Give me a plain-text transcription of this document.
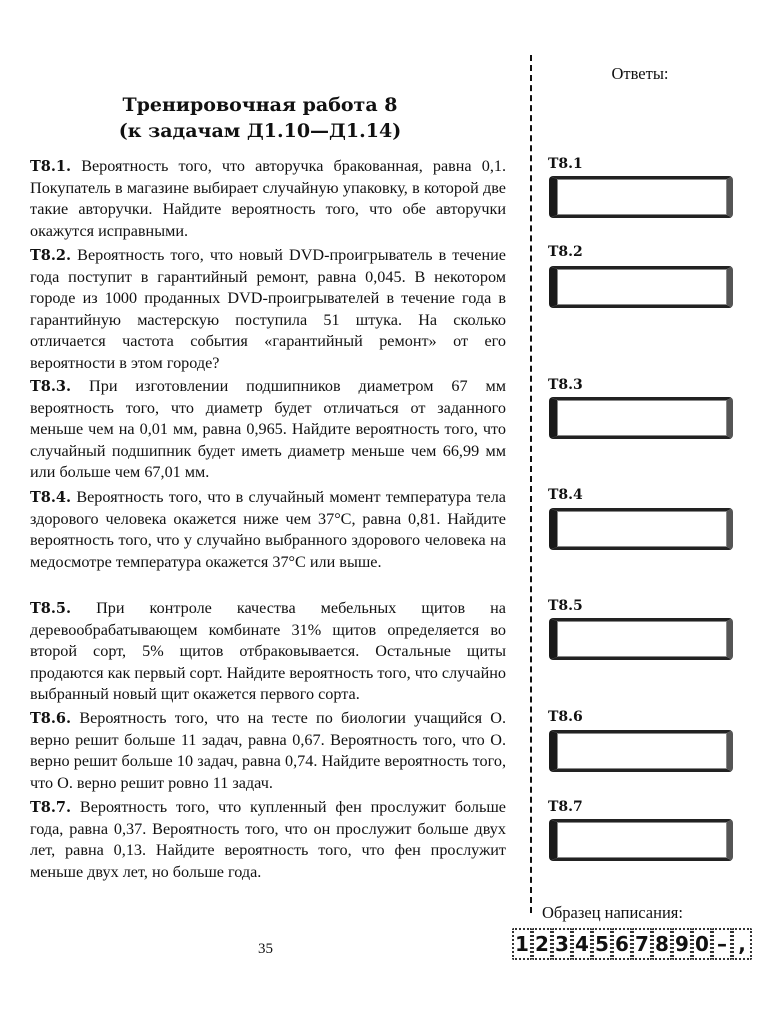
Тренировочная работа 8
(к задачам Д1.10—Д1.14)
T8.1. Вероятность того, что авторучка бракованная, равна 0,1. Покупатель в магазине выбирает случайную упаковку, в которой две такие авторучки. Найдите вероятность того, что обе авторучки окажутся исправными.
T8.2. Вероятность того, что новый DVD-проигрыватель в течение года поступит в гарантийный ремонт, равна 0,045. В некотором городе из 1000 проданных DVD-проигрывателей в течение года в гарантийную мастерскую поступила 51 штука. На сколько отличается частота события «гарантийный ремонт» от его вероятности в этом городе?
T8.3. При изготовлении подшипников диаметром 67 мм вероятность того, что диаметр будет отличаться от заданного меньше чем на 0,01 мм, равна 0,965. Найдите вероятность того, что случайный подшипник будет иметь диаметр меньше чем 66,99 мм или больше чем 67,01 мм.
T8.4. Вероятность того, что в случайный момент температура тела здорового человека окажется ниже чем 37°C, равна 0,81. Найдите вероятность того, что у случайно выбранного здорового человека на медосмотре температура окажется 37°C или выше.
T8.5. При контроле качества мебельных щитов на деревообрабатывающем комбинате 31% щитов определяется во второй сорт, 5% щитов отбраковывается. Остальные щиты продаются как первый сорт. Найдите вероятность того, что случайно выбранный новый щит окажется первого сорта.
T8.6. Вероятность того, что на тесте по биологии учащийся О. верно решит больше 11 задач, равна 0,67. Вероятность того, что О. верно решит больше 10 задач, равна 0,74. Найдите вероятность того, что О. верно решит ровно 11 задач.
T8.7. Вероятность того, что купленный фен прослужит больше года, равна 0,37. Вероятность того, что он прослужит больше двух лет, равна 0,13. Найдите вероятность того, что фен прослужит меньше двух лет, но больше года.
Ответы:
T8.1
T8.2
T8.3
T8.4
T8.5
T8.6
T8.7
Образец написания:
1 2 3 4 5 6 7 8 9 0 – ,
35
